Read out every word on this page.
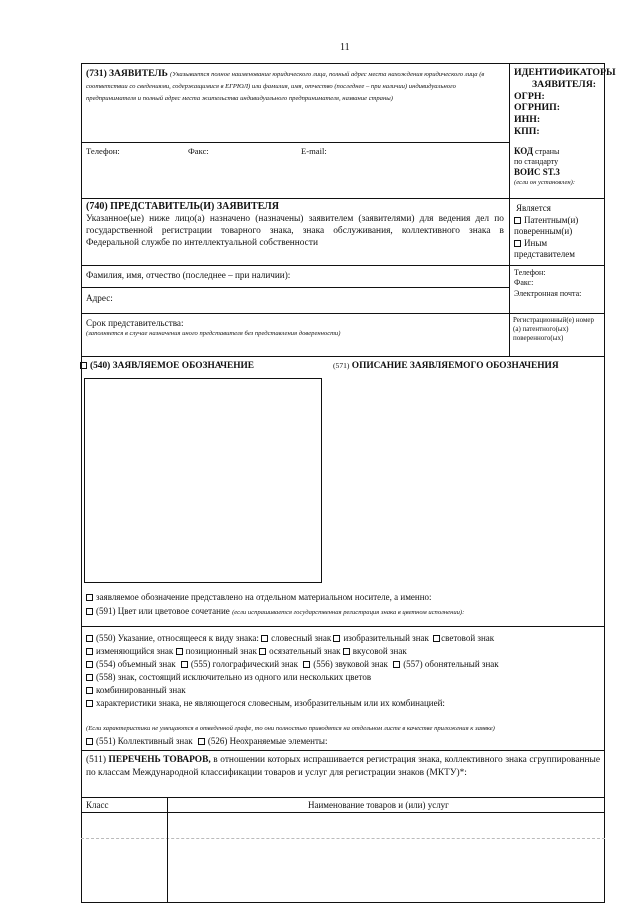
11
(731) ЗАЯВИТЕЛЬ (Указывается полное наименование юридического лица, полный адрес места нахождения юридического лица (в соответствии со сведениями, содержащимися в ЕГРЮЛ) или фамилия, имя, отчество (последнее – при наличии) индивидуального предпринимателя и полный адрес места жительства индивидуального предпринимателя, название страны)
Телефон:	Факс:	E-mail:
ИДЕНТИФИКАТОРЫ
ЗАЯВИТЕЛЯ:
ОГРН:
ОГРНИП:
ИНН:
КПП:
КОД страны
по стандарту
ВОИС ST.3
(если он установлен):
(740) ПРЕДСТАВИТЕЛЬ(И) ЗАЯВИТЕЛЯ
Указанное(ые) ниже лицо(а) назначено (назначены) заявителем (заявителями) для ведения дел по государственной регистрации товарного знака, знака обслуживания, коллективного знака в Федеральной службе по интеллектуальной собственности
Является
Патентным(и)
поверенным(и)
Иным
представителем
Фамилия, имя, отчество (последнее – при наличии):
Адрес:
Телефон:
Факс:
Электронная почта:
Срок представительства:
(заполняется в случае назначения иного представителя без представления доверенности)
Регистрационный(е) номер
(а) патентного(ых)
поверенного(ых)
(540) ЗАЯВЛЯЕМОЕ ОБОЗНАЧЕНИЕ	(571) ОПИСАНИЕ ЗАЯВЛЯЕМОГО ОБОЗНАЧЕНИЯ
заявляемое обозначение представлено на отдельном материальном носителе, а именно:
(591) Цвет или цветовое сочетание (если испрашивается государственная регистрация знака в цветном исполнении):
(550) Указание, относящееся к виду знака: словесный знак изобразительный знак световой знак
изменяющийся знак позиционный знак осязательный знак вкусовой знак
(554) объемный знак (555) голографический знак (556) звуковой знак (557) обонятельный знак
(558) знак, состоящий исключительно из одного или нескольких цветов
комбинированный знак
характеристики знака, не являющегося словесным, изобразительным или их комбинацией:
(Если характеристики не умещаются в отведенной графе, то они полностью приводятся на отдельном листе в качестве приложения к заявке)
(551) Коллективный знак (526) Неохраняемые элементы:
(511) ПЕРЕЧЕНЬ ТОВАРОВ, в отношении которых испрашивается регистрация знака, коллективного знака сгруппированные по классам Международной классификации товаров и услуг для регистрации знаков (МКТУ)*:
Класс	Наименование товаров и (или) услуг
